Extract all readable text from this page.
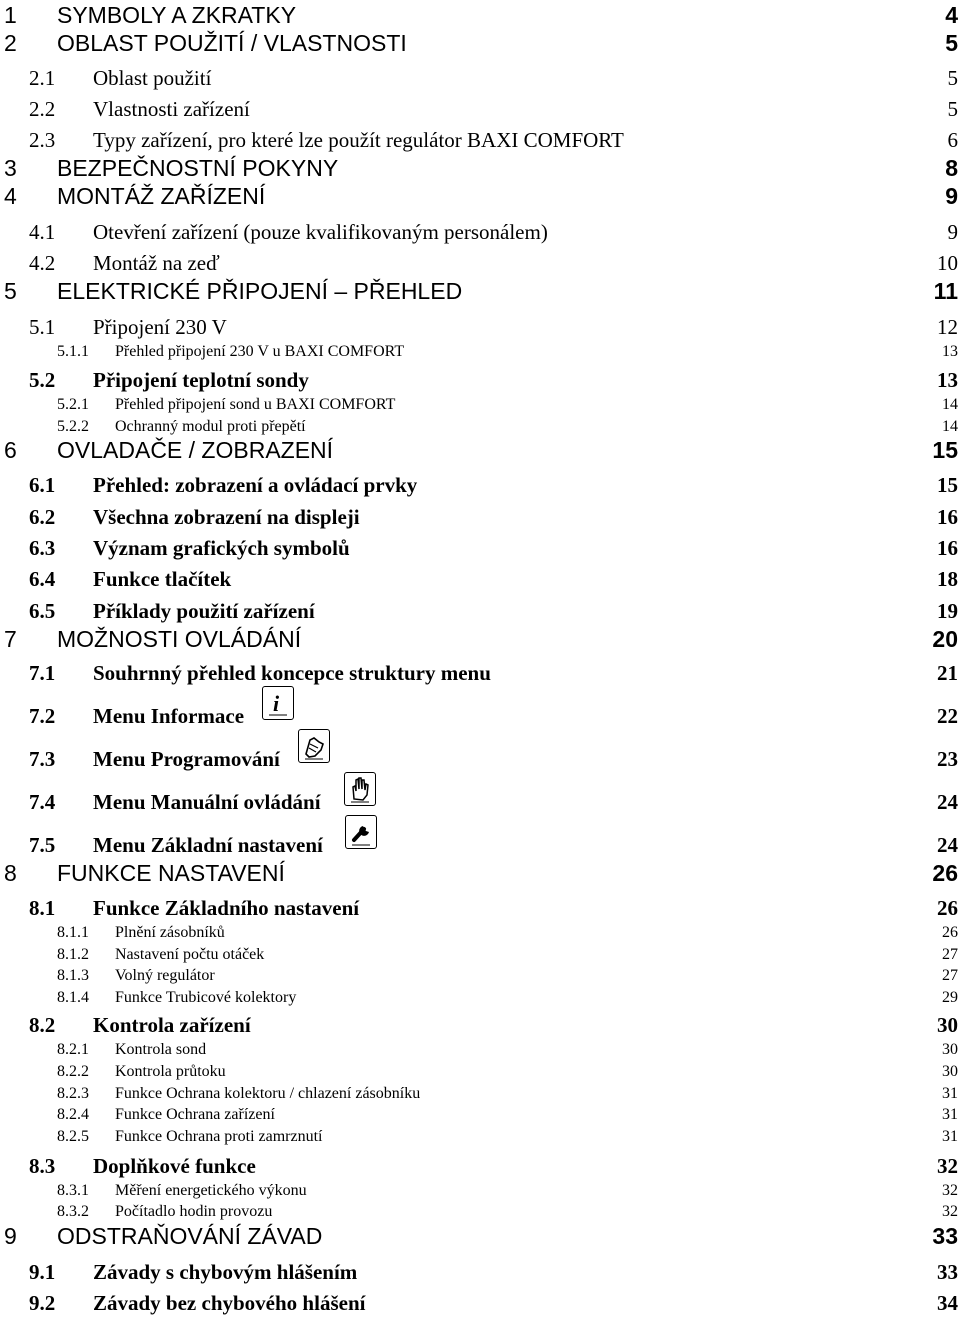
1 SYMBOLY A ZKRATKY	4
2 OBLAST POUŽITÍ / VLASTNOSTI	5
2.1 Oblast použití	5
2.2 Vlastnosti zařízení	5
2.3 Typy zařízení, pro které lze použít regulátor BAXI COMFORT	6
3 BEZPEČNOSTNÍ POKYNY	8
4 MONTÁŽ ZAŘÍZENÍ	9
4.1 Otevření zařízení (pouze kvalifikovaným personálem)	9
4.2 Montáž na zeď	10
5 ELEKTRICKÉ PŘIPOJENÍ – PŘEHLED	11
5.1 Připojení 230 V	12
5.1.1 Přehled připojení 230 V u BAXI COMFORT	13
5.2 Připojení teplotní sondy	13
5.2.1 Přehled připojení sond u BAXI COMFORT	14
5.2.2 Ochranný modul proti přepětí	14
6 OVLADAČE / ZOBRAZENÍ	15
6.1 Přehled: zobrazení a ovládací prvky	15
6.2 Všechna zobrazení na displeji	16
6.3 Význam grafických symbolů	16
6.4 Funkce tlačítek	18
6.5 Příklady použití zařízení	19
7 MOŽNOSTI OVLÁDÁNÍ	20
7.1 Souhrnný přehled koncepce struktury menu	21
7.2 Menu Informace	22
i
7.3 Menu Programování	23
7.4 Menu Manuální ovládání	24
7.5 Menu Základní nastavení	24
8 FUNKCE NASTAVENÍ	26
8.1 Funkce Základního nastavení	26
8.1.1 Plnění zásobníků	26
8.1.2 Nastavení počtu otáček	27
8.1.3 Volný regulátor	27
8.1.4 Funkce Trubicové kolektory	29
8.2 Kontrola zařízení	30
8.2.1 Kontrola sond	30
8.2.2 Kontrola průtoku	30
8.2.3 Funkce Ochrana kolektoru / chlazení zásobníku	31
8.2.4 Funkce Ochrana zařízení	31
8.2.5 Funkce Ochrana proti zamrznutí	31
8.3 Doplňkové funkce	32
8.3.1 Měření energetického výkonu	32
8.3.2 Počítadlo hodin provozu	32
9 ODSTRAŇOVÁNÍ ZÁVAD	33
9.1 Závady s chybovým hlášením	33
9.2 Závady bez chybového hlášení	34
